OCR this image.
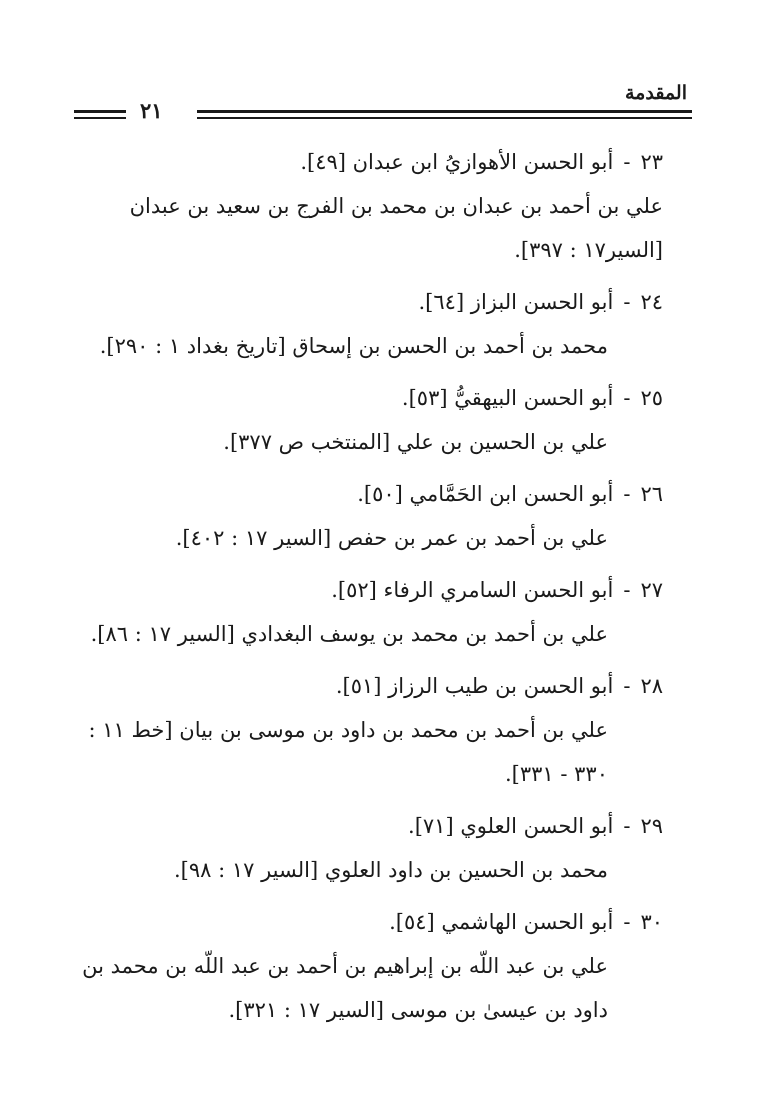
المقدمة
٢١
٢٣-أبو الحسن الأهوازيُ ابن عبدان [٤٩].
علي بن أحمد بن عبدان بن محمد بن الفرج بن سعيد بن عبدان [السير١٧ : ٣٩٧].
٢٤-أبو الحسن البزاز [٦٤].
محمد بن أحمد بن الحسن بن إسحاق [تاريخ بغداد ١ : ٢٩٠].
٢٥-أبو الحسن البيهقيُّ [٥٣].
علي بن الحسين بن علي [المنتخب ص ٣٧٧].
٢٦-أبو الحسن ابن الحَمَّامي [٥٠].
علي بن أحمد بن عمر بن حفص [السير ١٧ : ٤٠٢].
٢٧-أبو الحسن السامري الرفاء [٥٢].
علي بن أحمد بن محمد بن يوسف البغدادي [السير ١٧ : ٨٦].
٢٨-أبو الحسن بن طيب الرزاز [٥١].
علي بن أحمد بن محمد بن داود بن موسى بن بيان [خط ١١ : ٣٣٠ - ٣٣١].
٢٩-أبو الحسن العلوي [٧١].
محمد بن الحسين بن داود العلوي [السير ١٧ : ٩٨].
٣٠-أبو الحسن الهاشمي [٥٤].
علي بن عبد اللّه بن إبراهيم بن أحمد بن عبد اللّه بن محمد بن داود بن عيسىٰ بن موسى [السير ١٧ : ٣٢١].
